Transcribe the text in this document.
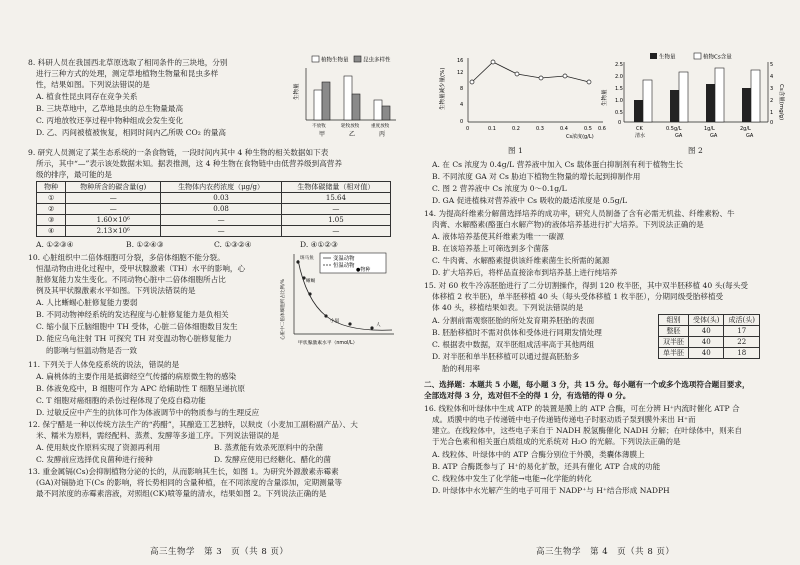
8. 科研人员在我国西北草原选取了相同条件的三块地，分别
进行三种方式的处理，测定草地植物生物量和昆虫多样
性，结果如图。下列说法错误的是
A. 植食性昆虫同存在竞争关系
B. 三块草地中，乙草地昆虫的总生物量最高
C. 丙地放牧还享过程中物种组成会发生变化
D. 乙、丙间被植被恢复，相同时间内乙所吸 CO₂ 的量高
植物生物量	昆虫多样性
生物量
不放牧	轮牧放牧	重度放牧
甲	乙	丙
9. 研究人员测定了某生态系统的一条食物链，一段时间内其中 4 种生物的相关数据如下表
所示，其中“—”表示该处数据未知。据表推测，这 4 种生物在食物链中由低营养级到高营养
级的排序，最可能的是
物种	物种所含的碳含量(g)	生物体内农药浓度（μg/g）	生物体碳储量（相对值）
①	—	0.03	15.64
②	—	0.08	—
③	1.60×10⁶	—	1.05
④	2.13×10⁶	—	—
A. ①②③④	B. ①②④③	C. ①③②④	D. ④①②③
10. 心脏组织中二倍体细胞可分裂，多倍体细胞不能分裂。
恒温动物由进化过程中，受甲状腺激素（TH）水平的影响，心
脏修复能力发生变化。不同动物心脏中二倍体细胞所占比
例及其甲状腺激素水平如图。下列说法错误的是
A. 人比蜥蜴心脏修复能力要弱
B. 不同动物神经系统的发达程度与心脏修复能力是负相关
C. 缩小鼠下丘脑细胞中 TH 受体，心脏二倍体细胞数目发生
D. 能应乌龟注射 TH 可探究 TH 对变温动物心脏修复能力
的影响与恒温动物是否一致
变温动物
恒温动物
●物种
心脏中二倍体细胞所占比例/%
斑马鱼
蜥蜴
人
小鼠
甲状腺激素水平（nmol/L）
11. 下列关于人体免疫系统的说法，错误的是
A. 扁桃体的主要作用是抵御经空气传播的病原微生物的感染
B. 体液免疫中，B 细胞可作为 APC 给辅助性 T 细胞呈递抗原
C. T 细胞对癌细胞的杀伤过程体现了免疫自稳功能
D. 过敏反应中产生的抗体可作为体液调节中的物质参与的生理反应
12. 保宁醋是一种以传统方法生产的“药醋”，其酿造工艺独特，以麸皮（小麦加工副粉副产品）、大
米、糯米为原料，需经配料、蒸煮、发酵等多道工序。下列说法错误的是
A. 使用麸皮作原料实现了资源再利用	B. 蒸煮能有效杀死原料中的杂菌
C. 发酵前应选择优良菌种进行接种	D. 发酵应使用已经糖化、醋化的菌
13. 重金属镉(Cs)会抑制植物分泌的长的，从而影响其生长，如图 1。为研究外源激素赤霉素
(GA)对镉胁迫下(Cs 的影响，将长势相同的含量种植，在不同浓度的含量添加，定期测量等
最不同浓度的赤霉素溶液，对照组(CK)喷等量的清水，结果如图 2。下列说法正确的是
高三生物学　第 3　页（共 8 页）
生物量减少量(%)
16
12
8
4
0
0	0.1	0.2	0.3	0.4	0.5 0.6
Cs浓度(g/L)
图 1
生物量	植物Cs含量
生物量	Cs含量(mg/g)
2.5
2.0
1.5
1.0
0.5
0
5
4
3
2
1
0
CK
清水
0.5g/L
GA
1g/L
GA
2g/L
GA
图 2
A. 在 Cs 浓度为 0.4g/L 营养液中加入 Cs 载体蛋白抑制剂有利于植物生长
B. 不同浓度 GA 对 Cs 胁迫下植物生物量的增长起到抑制作用
C. 图 2 营养液中 Cs 浓度为 0～0.1g/L
D. GA 促进植株对营养液中 Cs 吸收的最适浓度是 0.5g/L
14. 为提高纤维素分解菌选择培养的成功率，研究人员制备了含有必需无机盐、纤维素粉、牛
肉膏、水解酪素(酪蛋白水解产物)的液体培养基进行扩大培养。下列说法正确的是
A. 液体培养基使其纤维素为唯一一碳源
B. 在该培养基上可筛选到多个菌落
C. 牛肉膏、水解酪素提供该纤维素菌生长所需的氮源
D. 扩大培养后，将样品直接涂布到培养基上进行纯培养
15. 对 60 枚牛冷冻胚胎进行了二分切割操作，得到 120 枚半胚，其中双半胚移植 40 头(每头受
体移植 2 枚半胚)，单半胚移植 40 头（每头受体移植 1 枚半胚），分期同级受胎移植受
体 40 头，移植结果如表。下列说法错误的是
A. 分割前需观察胚胎的所处发育期养胚胎的表面
B. 胚胎移植时不需对供体和受体进行同期发情处理
C. 根据表中数据，双半胚组成活率高于其他两组
D. 对半胚和单半胚移植可以通过提高胚胎多
胎的利用率
组别	受体(头)	成活(头)
整胚	40	17
双半胚	40	22
单半胚	40	18
二、选择题：本题共 5 小题，每小题 3 分，共 15 分。每小题有一个或多个选项符合题目要求，
全部选对得 3 分，选对但不全的得 1 分，有选错的得 0 分。
16. 线粒体和叶绿体中生成 ATP 的装置是膜上的 ATP 合酶，可在分辨 H⁺内流时催化 ATP 合
成。质膜中的电子传递链中电子传递链传递电子时驱动质子泵到膜外来出 H⁺而
建立。在线粒体中，这些电子来自于 NADH 脱氢酶催化 NADH 分解；在叶绿体中，则来自
于光合色素和相关蛋白质组成的光系统对 H₂O 的光解。下列说法正确的是
A. 线粒体、叶绿体中的 ATP 合酶分别位于外膜，类囊体薄膜上
B. ATP 合酶既参与了 H⁺的易化扩散，还具有催化 ATP 合成的功能
C. 线粒体中发生了化学能→电能→化学能的转化
D. 叶绿体中水光解产生的电子可用于 NADP⁺与 H⁺结合形成 NADPH
高三生物学　第 4　页（共 8 页）
